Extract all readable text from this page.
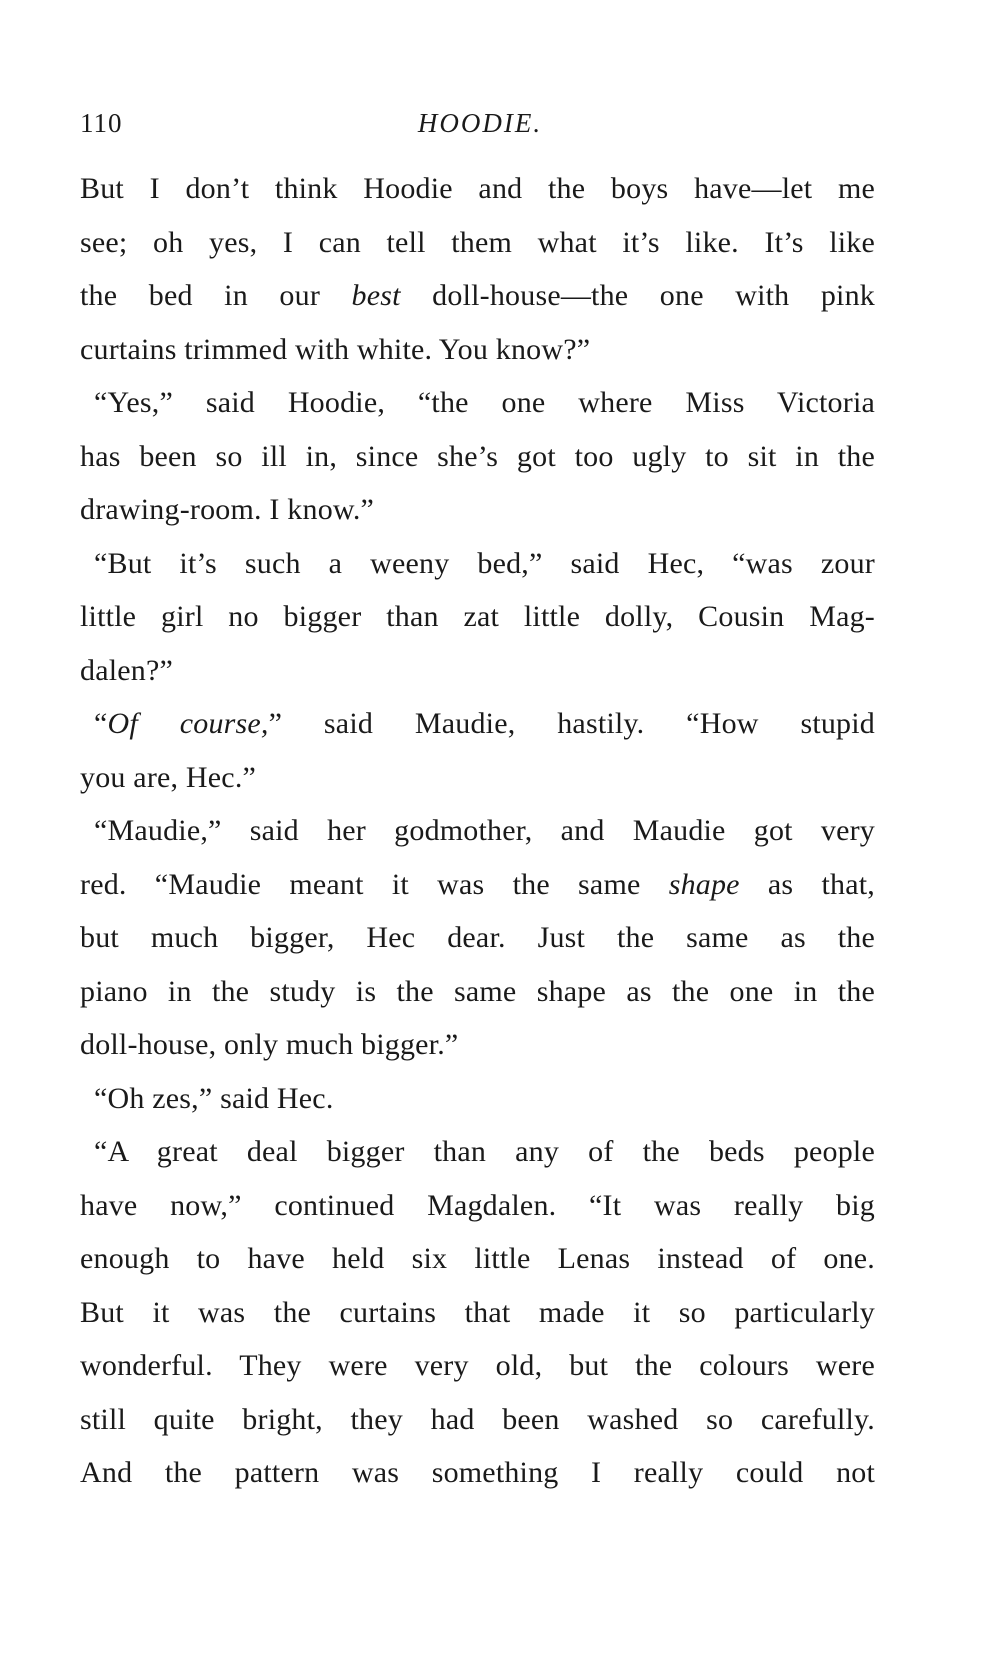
110	HOODIE.
But I don’t think Hoodie and the boys have—let me
see; oh yes, I can tell them what it’s like. It’s like
the bed in our best doll-house—the one with pink
curtains trimmed with white. You know?”
“Yes,” said Hoodie, “the one where Miss Victoria
has been so ill in, since she’s got too ugly to sit in the
drawing-room. I know.”
“But it’s such a weeny bed,” said Hec, “was zour
little girl no bigger than zat little dolly, Cousin Mag-
dalen?”
“Of course,” said Maudie, hastily. “How stupid
you are, Hec.”
“Maudie,” said her godmother, and Maudie got very
red. “Maudie meant it was the same shape as that,
but much bigger, Hec dear. Just the same as the
piano in the study is the same shape as the one in the
doll-house, only much bigger.”
“Oh zes,” said Hec.
“A great deal bigger than any of the beds people
have now,” continued Magdalen. “It was really big
enough to have held six little Lenas instead of one.
But it was the curtains that made it so particularly
wonderful. They were very old, but the colours were
still quite bright, they had been washed so carefully.
And the pattern was something I really could not
